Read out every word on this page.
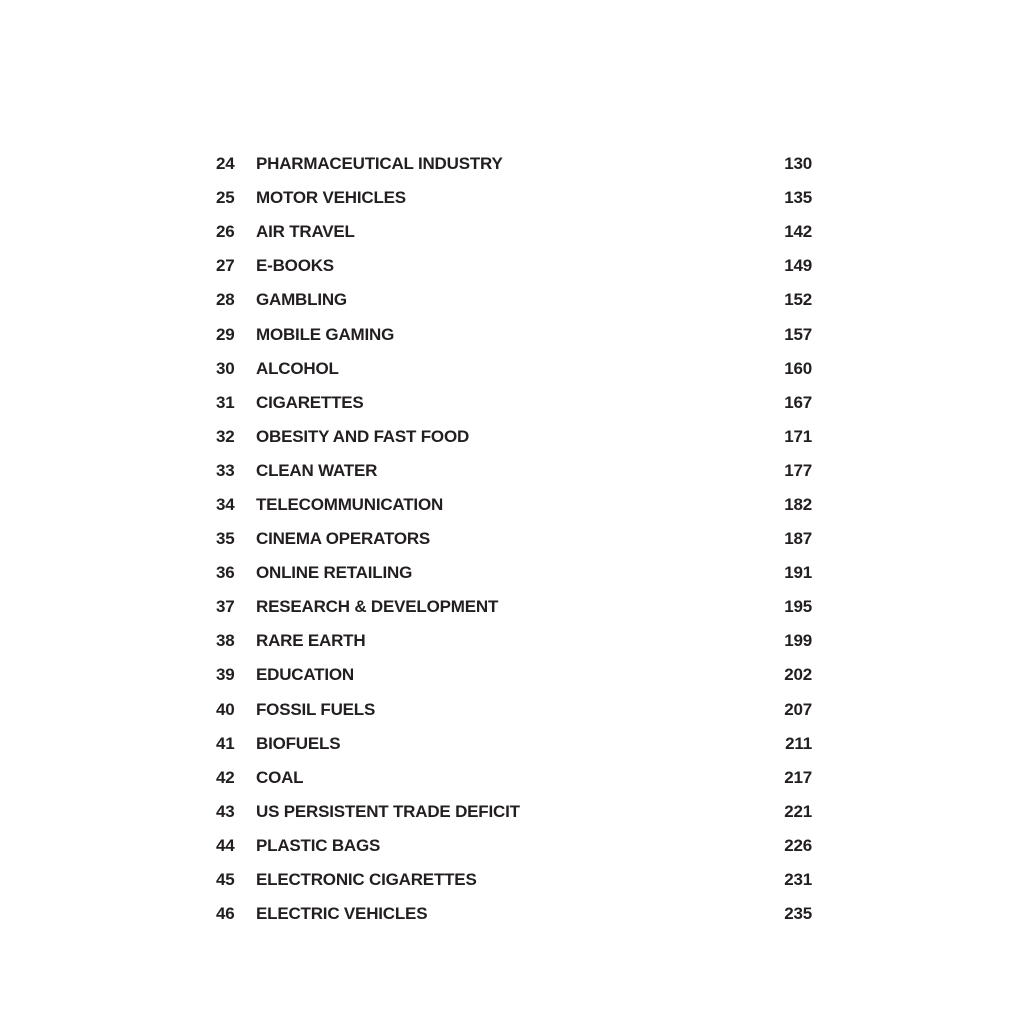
24	PHARMACEUTICAL INDUSTRY	130
25	MOTOR VEHICLES	135
26	AIR TRAVEL	142
27	E-BOOKS	149
28	GAMBLING	152
29	MOBILE GAMING	157
30	ALCOHOL	160
31	CIGARETTES	167
32	OBESITY AND FAST FOOD	171
33	CLEAN WATER	177
34	TELECOMMUNICATION	182
35	CINEMA OPERATORS	187
36	ONLINE RETAILING	191
37	RESEARCH & DEVELOPMENT	195
38	RARE EARTH	199
39	EDUCATION	202
40	FOSSIL FUELS	207
41	BIOFUELS	211
42	COAL	217
43	US PERSISTENT TRADE DEFICIT	221
44	PLASTIC BAGS	226
45	ELECTRONIC CIGARETTES	231
46	ELECTRIC VEHICLES	235
